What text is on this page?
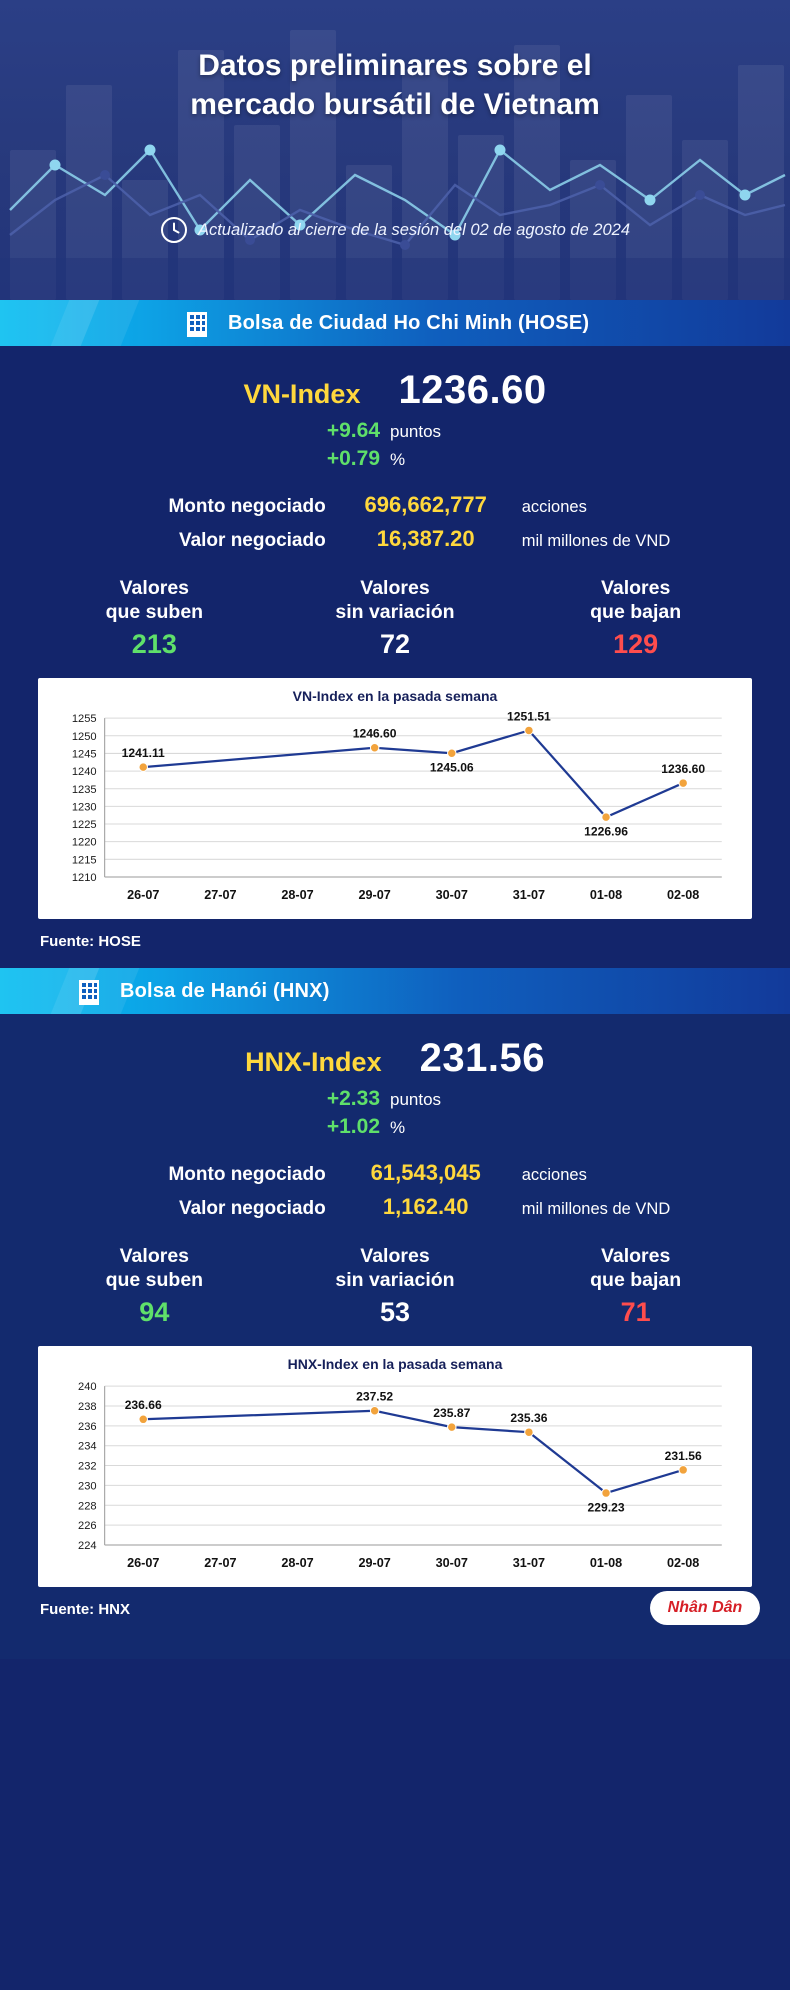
Datos preliminares sobre el
mercado bursátil de Vietnam
Actualizado al cierre de la sesión del 02 de agosto de 2024
Bolsa de Ciudad Ho Chi Minh (HOSE)
VN-Index 1236.60
+9.64 puntos
+0.79 %
Monto negociado	696,662,777	acciones
Valor negociado	16,387.20	mil millones de VND
Valores
que suben
213
Valores
sin variación
72
Valores
que bajan
129
VN-Index en la pasada semana
1210
1215
1220
1225
1230
1235
1240
1245
1250
1255
26-07	27-07	28-07	29-07	30-07	31-07	01-08	02-08
1241.11
1246.60
1245.06
1251.51
1226.96
1236.60
Fuente: HOSE
Bolsa de Hanói (HNX)
HNX-Index 231.56
+2.33 puntos
+1.02 %
Monto negociado	61,543,045	acciones
Valor negociado	1,162.40	mil millones de VND
Valores
que suben
94
Valores
sin variación
53
Valores
que bajan
71
HNX-Index en la pasada semana
224
226
228
230
232
234
236
238
240
26-07	27-07	28-07	29-07	30-07	31-07	01-08	02-08
236.66
237.52
235.87	235.36
229.23
231.56
Fuente: HNX	Nhân Dân
